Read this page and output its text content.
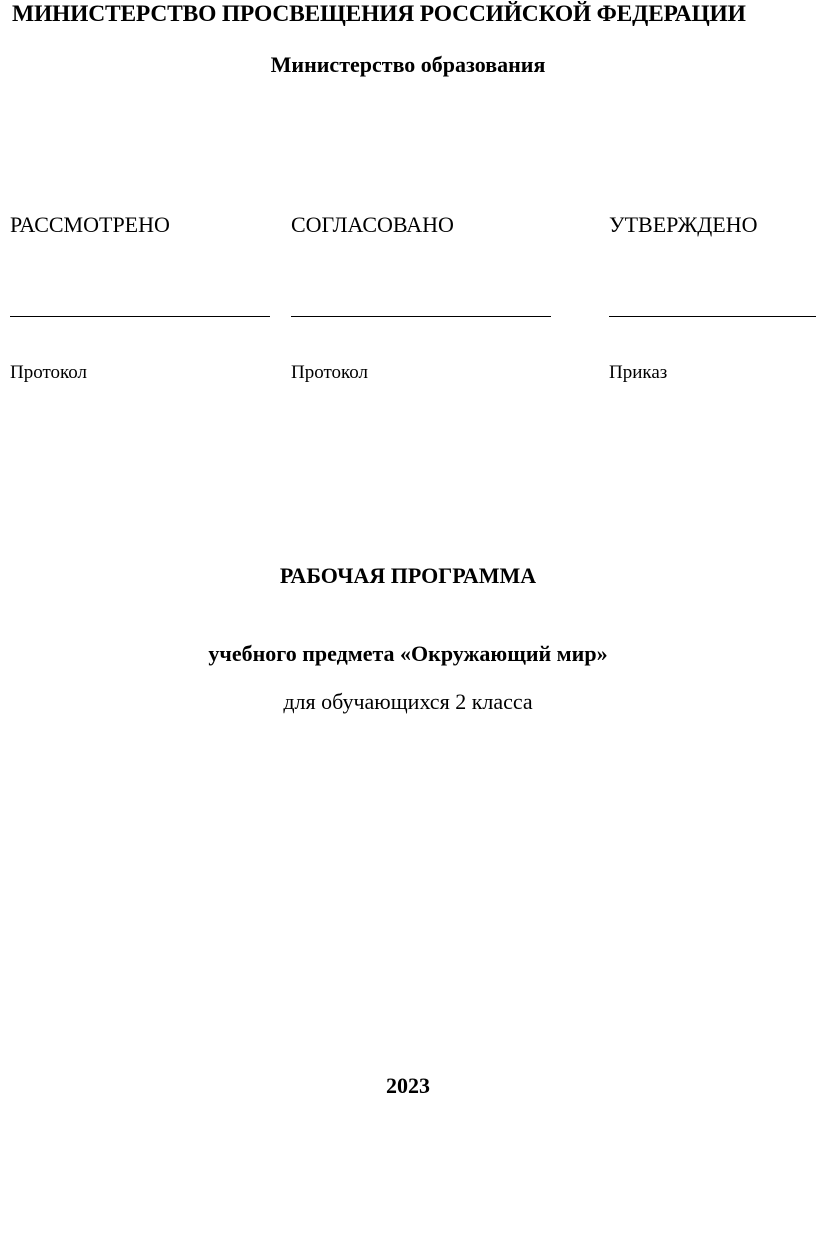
МИНИСТЕРСТВО ПРОСВЕЩЕНИЯ РОССИЙСКОЙ ФЕДЕРАЦИИ
Министерство образования
РАССМОТРЕНО
Протокол
СОГЛАСОВАНО
Протокол
УТВЕРЖДЕНО
Приказ
РАБОЧАЯ ПРОГРАММА
учебного предмета «Окружающий мир»
для обучающихся 2 класса
2023
